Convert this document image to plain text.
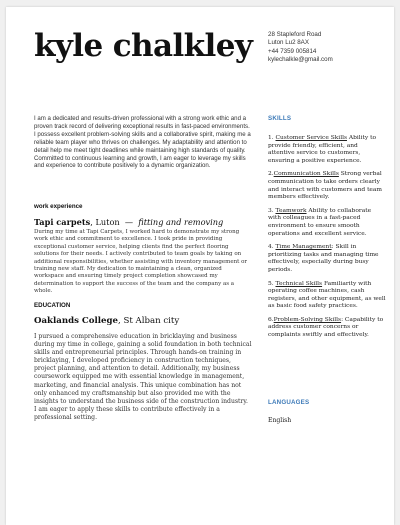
kyle chalkley	28 Stapleford Road
Luton Lu2 8AX
+44 7359 005814
kylechalkle@gmail.com

I am a dedicated and results-driven professional with a strong work ethic and a proven track record of delivering exceptional results in fast-paced environments. I possess excellent problem-solving skills and a collaborative spirit, making me a reliable team player who thrives on challenges. My adaptability and attention to detail help me meet tight deadlines while maintaining high standards of quality. Committed to continuous learning and growth, I am eager to leverage my skills and experience to contribute positively to a dynamic organization.

work experience
Tapi carpets, Luton  —  fitting and removing
During my time at Tapi Carpets, I worked hard to demonstrate my strong work ethic and commitment to excellence. I took pride in providing exceptional customer service, helping clients find the perfect flooring solutions for their needs. I actively contributed to team goals by taking on additional responsibilities, whether assisting with inventory management or training new staff. My dedication to maintaining a clean, organized workspace and ensuring timely project completion showcased my determination to support the success of the team and the company as a whole.
EDUCATION
Oaklands College, St Alban city
I pursued a comprehensive education in bricklaying and business during my time in college, gaining a solid foundation in both technical skills and entrepreneurial principles. Through hands-on training in bricklaying, I developed proficiency in construction techniques, project planning, and attention to detail. Additionally, my business coursework equipped me with essential knowledge in management, marketing, and financial analysis. This unique combination has not only enhanced my craftsmanship but also provided me with the insights to understand the business side of the construction industry. I am eager to apply these skills to contribute effectively in a professional setting.
SKILLS
1. Customer Service Skills Ability to provide friendly, efficient, and attentive service to customers, ensuring a positive experience.
2.Communication Skills Strong verbal communication to take orders clearly and interact with customers and team members effectively.
3. Teamwork Ability to collaborate with colleagues in a fast-paced environment to ensure smooth operations and excellent service.
4. Time Management: Skill in prioritizing tasks and managing time effectively, especially during busy periods.
5. Technical Skills Familiarity with operating coffee machines, cash registers, and other equipment, as well as basic food safety practices.
6.Problem-Solving Skills: Capability to address customer concerns or complaints swiftly and effectively.
LANGUAGES
English
